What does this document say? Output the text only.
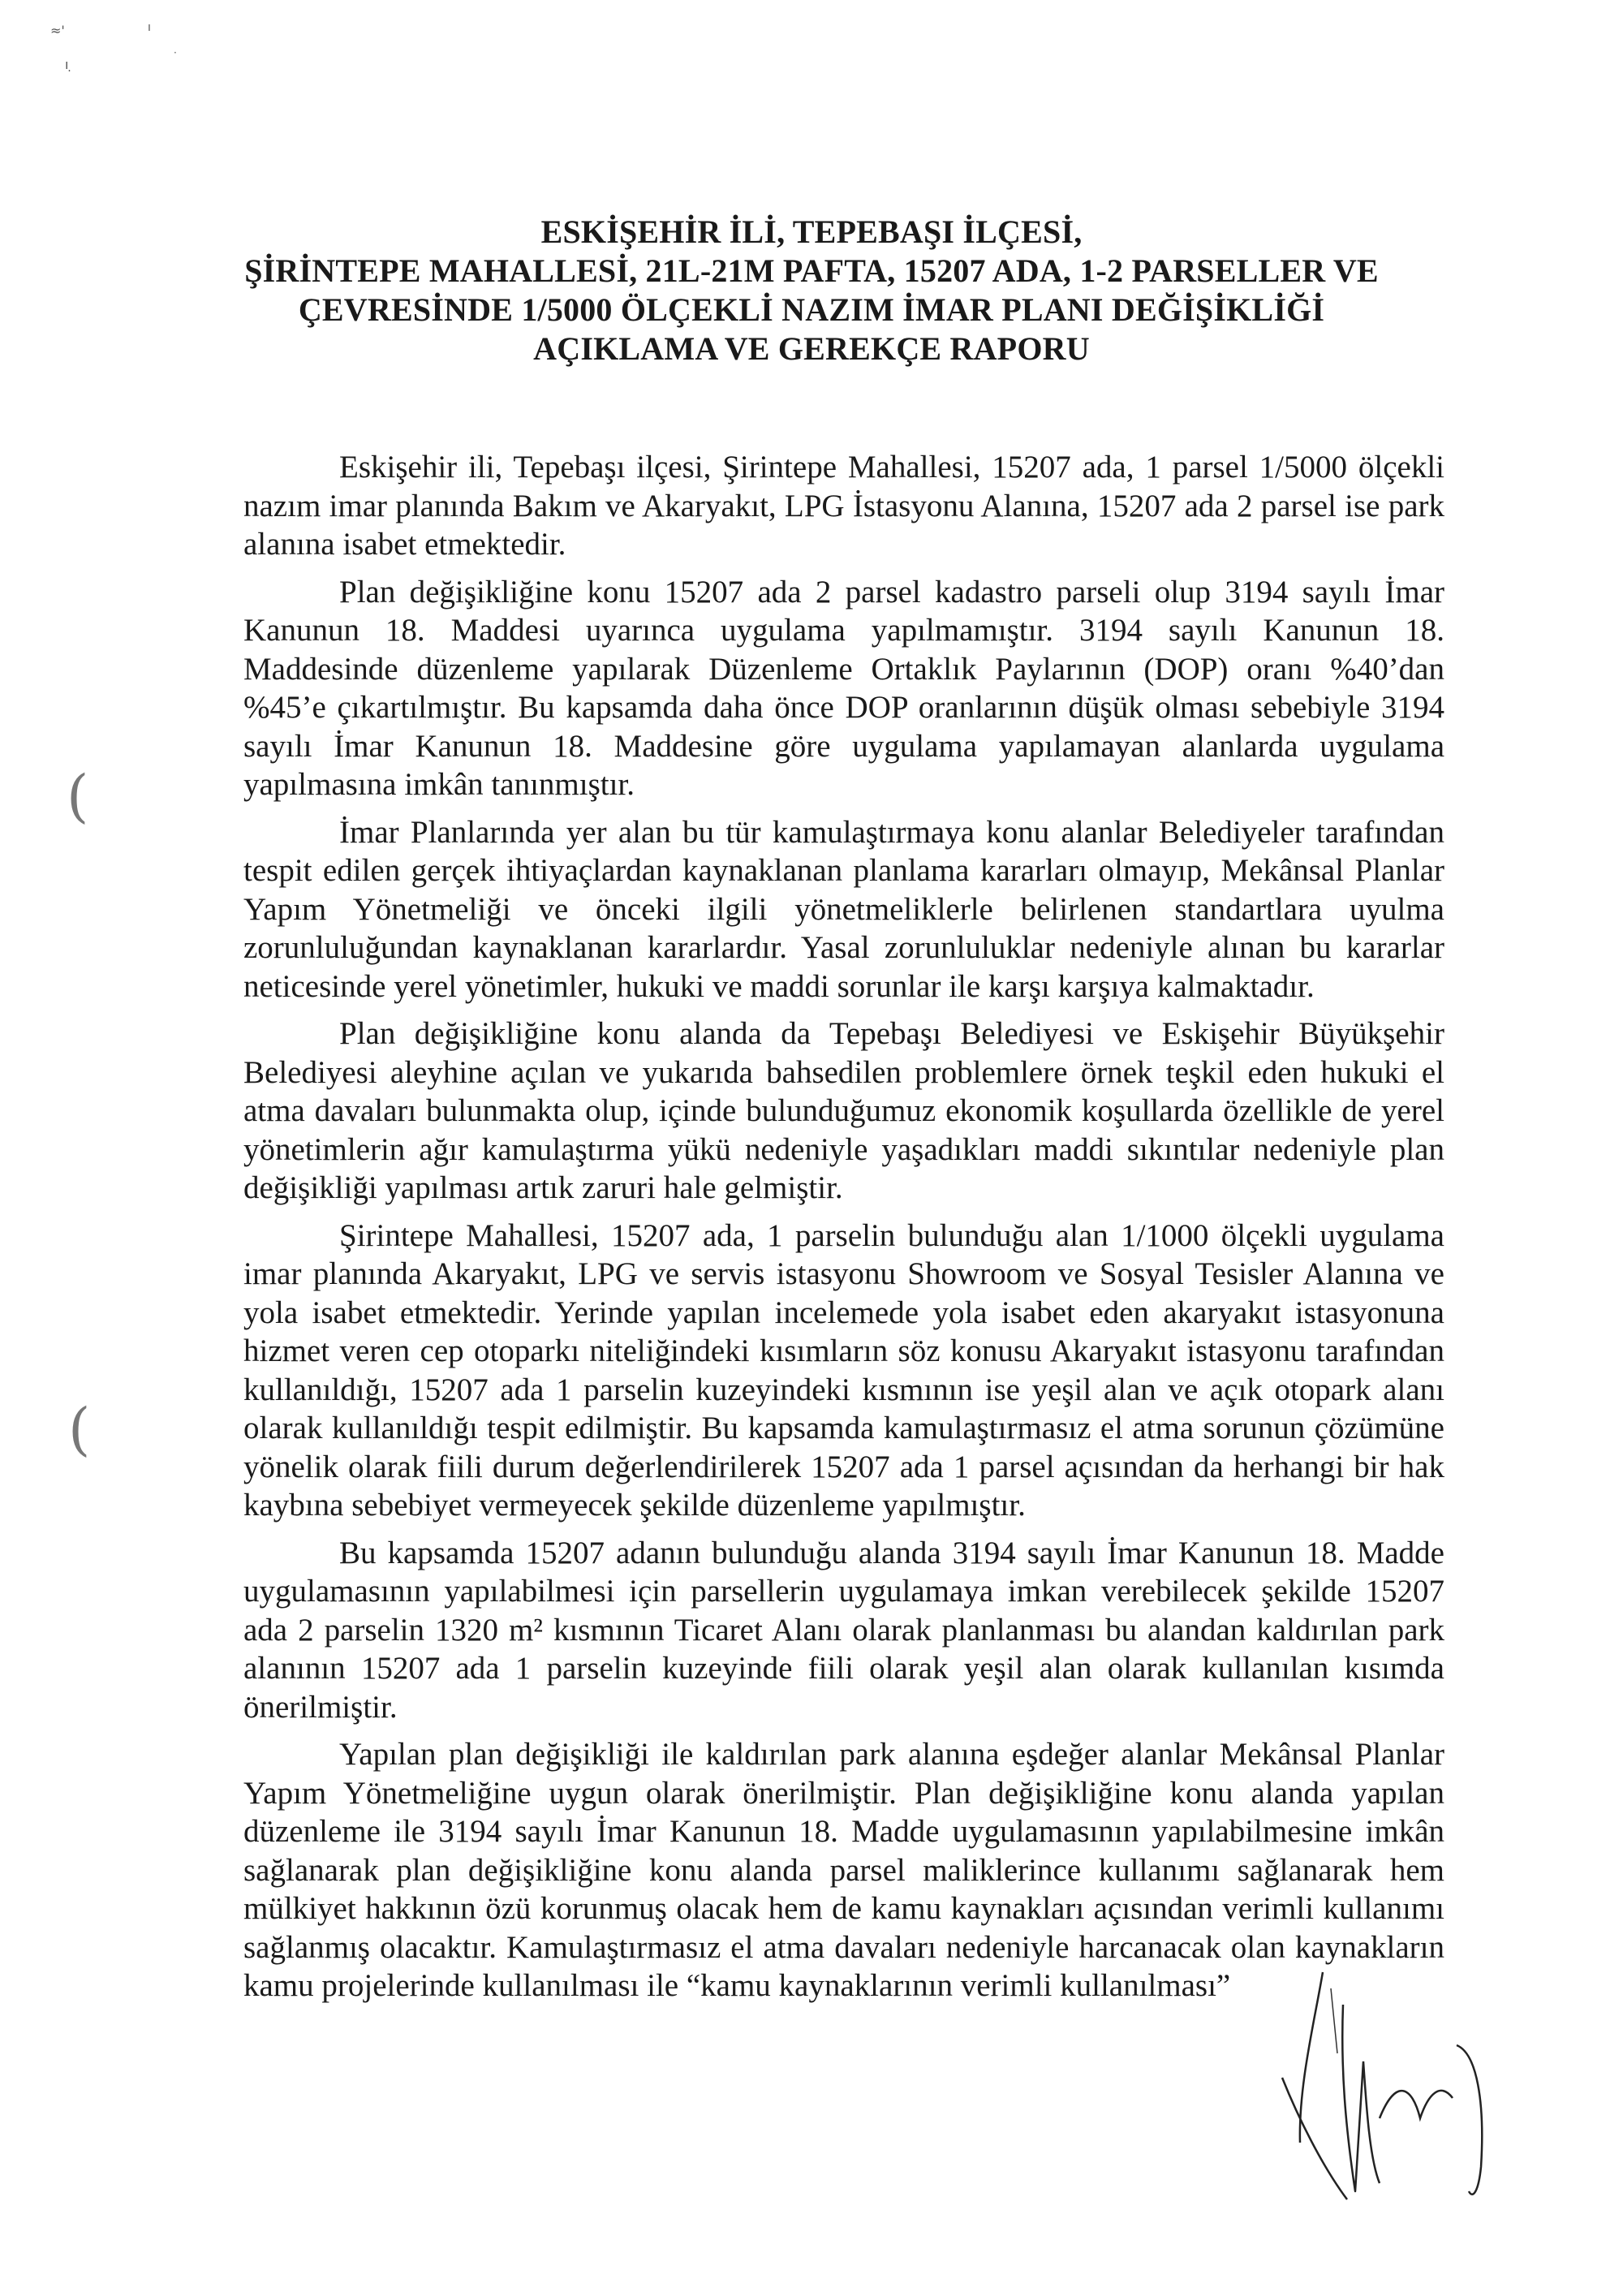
≈'	ı
ı ̣
·
ESKİŞEHİR İLİ, TEPEBAŞI İLÇESİ,
ŞİRİNTEPE MAHALLESİ, 21L-21M PAFTA, 15207 ADA, 1-2 PARSELLER VE
ÇEVRESİNDE 1/5000 ÖLÇEKLİ NAZIM İMAR PLANI DEĞİŞİKLİĞİ
AÇIKLAMA VE GEREKÇE RAPORU

Eskişehir ili, Tepebaşı ilçesi, Şirintepe Mahallesi, 15207 ada, 1 parsel 1/5000 ölçekli nazım imar planında Bakım ve Akaryakıt, LPG İstasyonu Alanına, 15207 ada 2 parsel ise park alanına isabet etmektedir.

Plan değişikliğine konu 15207 ada 2 parsel kadastro parseli olup 3194 sayılı İmar Kanunun 18. Maddesi uyarınca uygulama yapılmamıştır. 3194 sayılı Kanunun 18. Maddesinde düzenleme yapılarak Düzenleme Ortaklık Paylarının (DOP) oranı %40’dan %45’e çıkartılmıştır. Bu kapsamda daha önce DOP oranlarının düşük olması sebebiyle 3194 sayılı İmar Kanunun 18. Maddesine göre uygulama yapılamayan alanlarda uygulama yapılmasına imkân tanınmıştır.

İmar Planlarında yer alan bu tür kamulaştırmaya konu alanlar Belediyeler tarafından tespit edilen gerçek ihtiyaçlardan kaynaklanan planlama kararları olmayıp, Mekânsal Planlar Yapım Yönetmeliği ve önceki ilgili yönetmeliklerle belirlenen standartlara uyulma zorunluluğundan kaynaklanan kararlardır. Yasal zorunluluklar nedeniyle alınan bu kararlar neticesinde yerel yönetimler, hukuki ve maddi sorunlar ile karşı karşıya kalmaktadır.

Plan değişikliğine konu alanda da Tepebaşı Belediyesi ve Eskişehir Büyükşehir Belediyesi aleyhine açılan ve yukarıda bahsedilen problemlere örnek teşkil eden hukuki el atma davaları bulunmakta olup, içinde bulunduğumuz ekonomik koşullarda özellikle de yerel yönetimlerin ağır kamulaştırma yükü nedeniyle yaşadıkları maddi sıkıntılar nedeniyle plan değişikliği yapılması artık zaruri hale gelmiştir.

Şirintepe Mahallesi, 15207 ada, 1 parselin bulunduğu alan 1/1000 ölçekli uygulama imar planında Akaryakıt, LPG ve servis istasyonu Showroom ve Sosyal Tesisler Alanına ve yola isabet etmektedir. Yerinde yapılan incelemede yola isabet eden akaryakıt istasyonuna hizmet veren cep otoparkı niteliğindeki kısımların söz konusu Akaryakıt istasyonu tarafından kullanıldığı, 15207 ada 1 parselin kuzeyindeki kısmının ise yeşil alan ve açık otopark alanı olarak kullanıldığı tespit edilmiştir. Bu kapsamda kamulaştırmasız el atma sorunun çözümüne yönelik olarak fiili durum değerlendirilerek 15207 ada 1 parsel açısından da herhangi bir hak kaybına sebebiyet vermeyecek şekilde düzenleme yapılmıştır.

Bu kapsamda 15207 adanın bulunduğu alanda 3194 sayılı İmar Kanunun 18. Madde uygulamasının yapılabilmesi için parsellerin uygulamaya imkan verebilecek şekilde 15207 ada 2 parselin 1320 m² kısmının Ticaret Alanı olarak planlanması bu alandan kaldırılan park alanının 15207 ada 1 parselin kuzeyinde fiili olarak yeşil alan olarak kullanılan kısımda önerilmiştir.

Yapılan plan değişikliği ile kaldırılan park alanına eşdeğer alanlar Mekânsal Planlar Yapım Yönetmeliğine uygun olarak önerilmiştir. Plan değişikliğine konu alanda yapılan düzenleme ile 3194 sayılı İmar Kanunun 18. Madde uygulamasının yapılabilmesine imkân sağlanarak plan değişikliğine konu alanda parsel maliklerince kullanımı sağlanarak hem mülkiyet hakkının özü korunmuş olacak hem de kamu kaynakları açısından verimli kullanımı sağlanmış olacaktır. Kamulaştırmasız el atma davaları nedeniyle harcanacak olan kaynakların kamu projelerinde kullanılması ile “kamu kaynaklarının verimli kullanılması”

(
(
